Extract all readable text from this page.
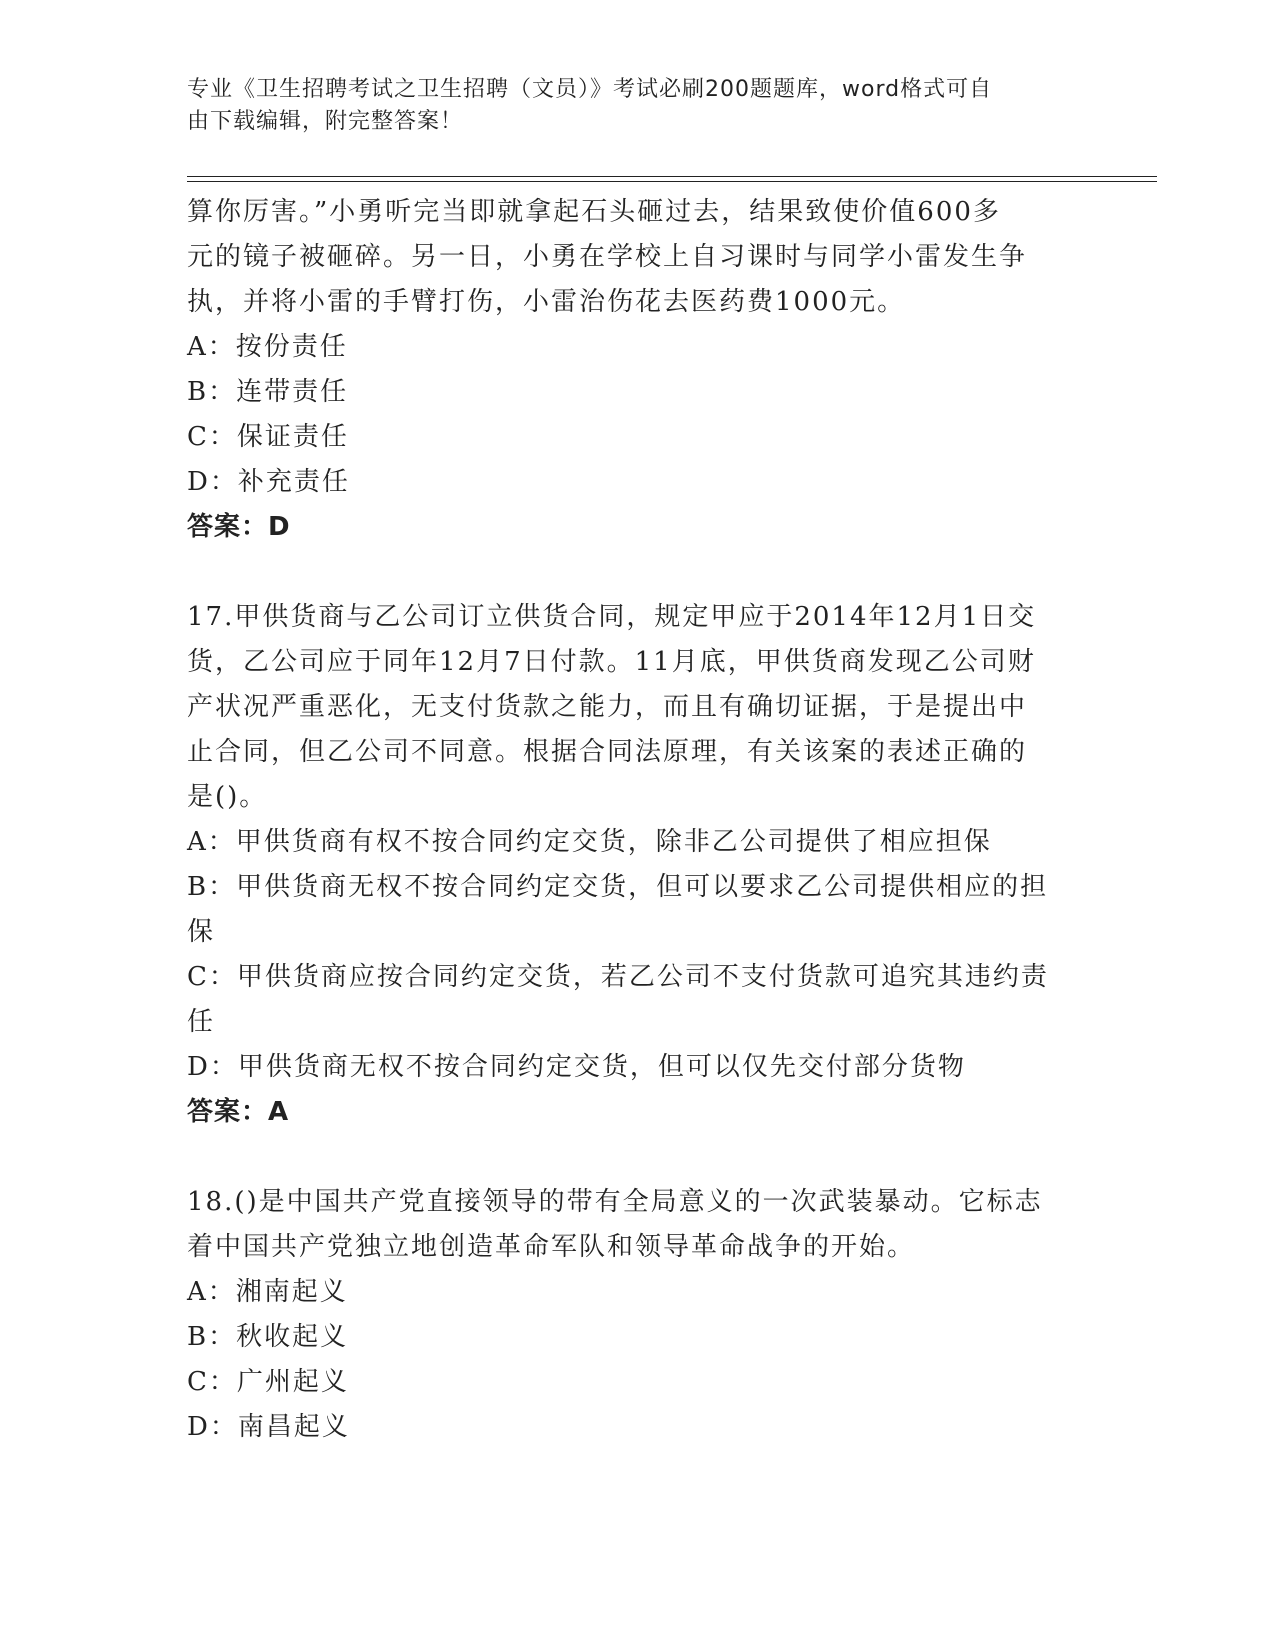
专业《卫生招聘考试之卫生招聘（文员）》考试必刷200题题库，word格式可自
由下载编辑，附完整答案！

算你厉害。”小勇听完当即就拿起石头砸过去，结果致使价值600多

元的镜子被砸碎。另一日，小勇在学校上自习课时与同学小雷发生争

执，并将小雷的手臂打伤，小雷治伤花去医药费1000元。

A：按份责任

B：连带责任

C：保证责任

D：补充责任

答案：D

17.甲供货商与乙公司订立供货合同，规定甲应于2014年12月1日交

货，乙公司应于同年12月7日付款。11月底，甲供货商发现乙公司财

产状况严重恶化，无支付货款之能力，而且有确切证据，于是提出中

止合同，但乙公司不同意。根据合同法原理，有关该案的表述正确的

是()。

A：甲供货商有权不按合同约定交货，除非乙公司提供了相应担保

B：甲供货商无权不按合同约定交货，但可以要求乙公司提供相应的担

保

C：甲供货商应按合同约定交货，若乙公司不支付货款可追究其违约责

任

D：甲供货商无权不按合同约定交货，但可以仅先交付部分货物

答案：A

18.()是中国共产党直接领导的带有全局意义的一次武装暴动。它标志

着中国共产党独立地创造革命军队和领导革命战争的开始。

A：湘南起义

B：秋收起义

C：广州起义

D：南昌起义
